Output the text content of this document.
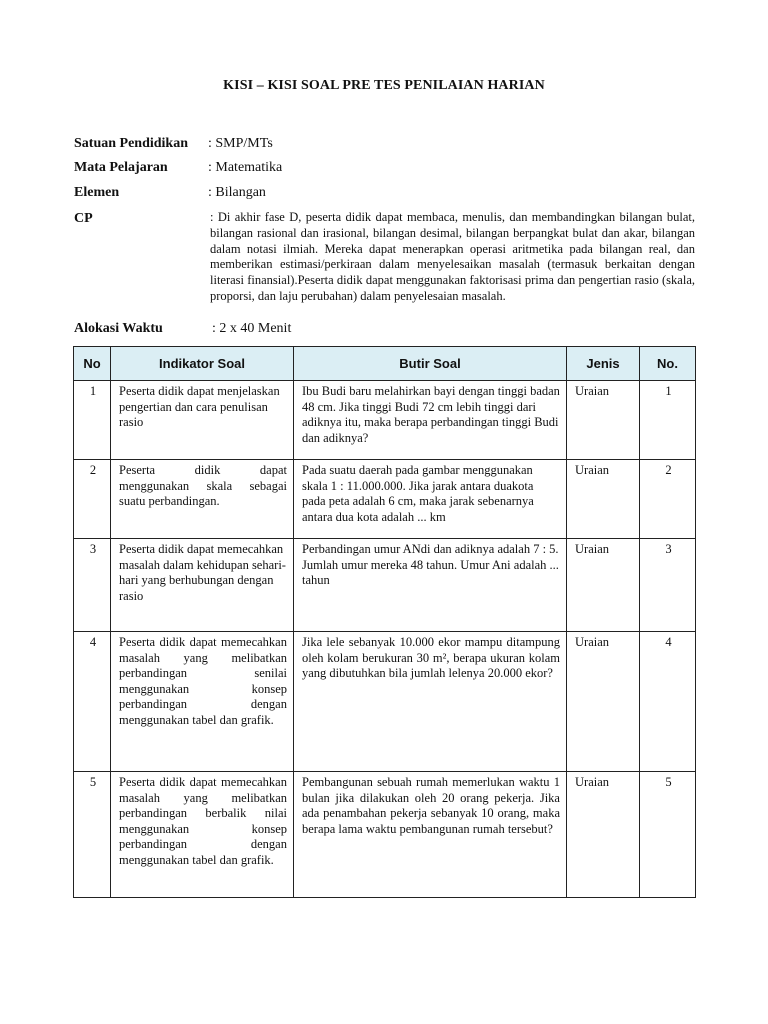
KISI – KISI SOAL PRE TES PENILAIAN HARIAN
Satuan Pendidikan : SMP/MTs
Mata Pelajaran	: Matematika
Elemen	: Bilangan
CP	: Di akhir fase D, peserta didik dapat membaca, menulis, dan membandingkan bilangan bulat, bilangan rasional dan irasional, bilangan desimal, bilangan berpangkat bulat dan akar, bilangan dalam notasi ilmiah. Mereka dapat menerapkan operasi aritmetika pada bilangan real, dan memberikan estimasi/perkiraan dalam menyelesaikan masalah (termasuk berkaitan dengan literasi finansial).Peserta didik dapat menggunakan faktorisasi prima dan pengertian rasio (skala, proporsi, dan laju perubahan) dalam penyelesaian masalah.
Alokasi Waktu	: 2 x 40 Menit
No	Indikator Soal	Butir Soal	Jenis	No.
1	Peserta didik dapat menjelaskan pengertian dan cara penulisan rasio	Ibu Budi baru melahirkan bayi dengan tinggi badan 48 cm. Jika tinggi Budi 72 cm lebih tinggi dari adiknya itu, maka berapa perbandingan tinggi Budi dan adiknya?	Uraian	1
2	Peserta didik dapat menggunakan skala sebagai suatu perbandingan.	Pada suatu daerah pada gambar menggunakan skala 1 : 11.000.000. Jika jarak antara duakota pada peta adalah 6 cm, maka jarak sebenarnya antara dua kota adalah ... km	Uraian	2
3	Peserta didik dapat memecahkan masalah dalam kehidupan sehari-hari yang berhubungan dengan rasio	Perbandingan umur ANdi dan adiknya adalah 7 : 5. Jumlah umur mereka 48 tahun. Umur Ani adalah ... tahun	Uraian	3
4	Peserta didik dapat memecahkan masalah yang melibatkan perbandingan senilai menggunakan konsep perbandingan dengan menggunakan tabel dan grafik.	Jika lele sebanyak 10.000 ekor mampu ditampung oleh kolam berukuran 30 m², berapa ukuran kolam yang dibutuhkan bila jumlah lelenya 20.000 ekor?	Uraian	4
5	Peserta didik dapat memecahkan masalah yang melibatkan perbandingan berbalik nilai menggunakan konsep perbandingan dengan menggunakan tabel dan grafik.	Pembangunan sebuah rumah memerlukan waktu 1 bulan jika dilakukan oleh 20 orang pekerja. Jika ada penambahan pekerja sebanyak 10 orang, maka berapa lama waktu pembangunan rumah tersebut?	Uraian	5
